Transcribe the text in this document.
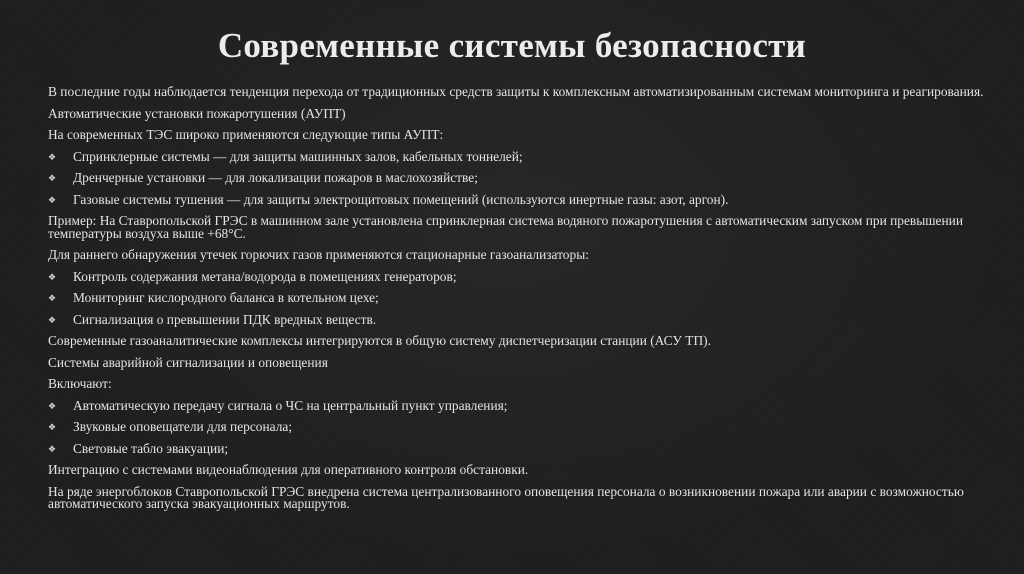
Современные системы безопасности
В последние годы наблюдается тенденция перехода от традиционных средств защиты к комплексным автоматизированным системам мониторинга и реагирования.
Автоматические установки пожаротушения (АУПТ)
На современных ТЭС широко применяются следующие типы АУПТ:
❖ Спринклерные системы — для защиты машинных залов, кабельных тоннелей;
❖ Дренчерные установки — для локализации пожаров в маслохозяйстве;
❖ Газовые системы тушения — для защиты электрощитовых помещений (используются инертные газы: азот, аргон).
Пример: На Ставропольской ГРЭС в машинном зале установлена спринклерная система водяного пожаротушения с автоматическим запуском при превышении температуры воздуха выше +68°C.
Для раннего обнаружения утечек горючих газов применяются стационарные газоанализаторы:
❖ Контроль содержания метана/водорода в помещениях генераторов;
❖ Мониторинг кислородного баланса в котельном цехе;
❖ Сигнализация о превышении ПДК вредных веществ.
Современные газоаналитические комплексы интегрируются в общую систему диспетчеризации станции (АСУ ТП).
Системы аварийной сигнализации и оповещения
Включают:
❖ Автоматическую передачу сигнала о ЧС на центральный пункт управления;
❖ Звуковые оповещатели для персонала;
❖ Световые табло эвакуации;
Интеграцию с системами видеонаблюдения для оперативного контроля обстановки.
На ряде энергоблоков Ставропольской ГРЭС внедрена система централизованного оповещения персонала о возникновении пожара или аварии с возможностью автоматического запуска эвакуационных маршрутов.
